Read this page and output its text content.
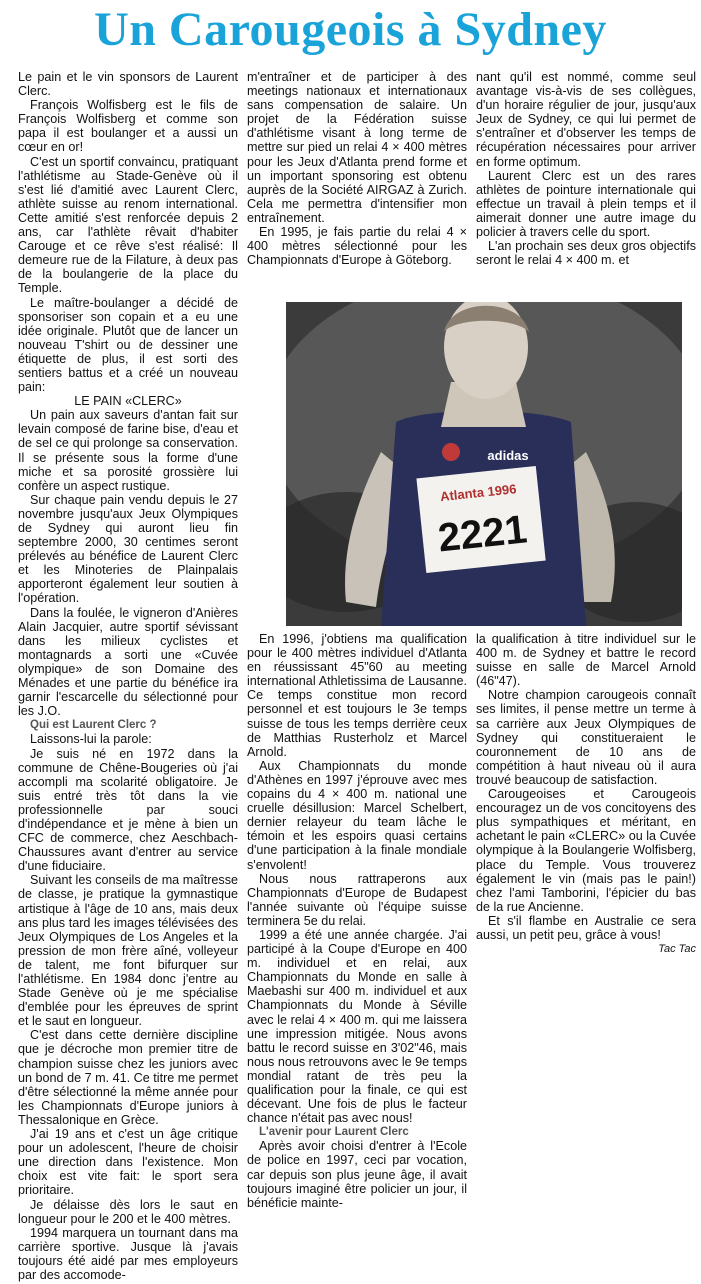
Un Carougeois à Sydney

Le pain et le vin sponsors de Laurent Clerc.

François Wolfisberg est le fils de François Wolfisberg et comme son papa il est boulanger et a aussi un cœur en or!

C'est un sportif convaincu, pratiquant l'athlétisme au Stade-Genève où il s'est lié d'amitié avec Laurent Clerc, athlète suisse au renom international. Cette amitié s'est renforcée depuis 2 ans, car l'athlète rêvait d'habiter Carouge et ce rêve s'est réalisé: Il demeure rue de la Filature, à deux pas de la boulangerie de la place du Temple.

Le maître-boulanger a décidé de sponsoriser son copain et a eu une idée originale. Plutôt que de lancer un nouveau T'shirt ou de dessiner une étiquette de plus, il est sorti des sentiers battus et a créé un nouveau pain:

LE PAIN «CLERC»

Un pain aux saveurs d'antan fait sur levain composé de farine bise, d'eau et de sel ce qui prolonge sa conservation. Il se présente sous la forme d'une miche et sa porosité grossière lui confère un aspect rustique.

Sur chaque pain vendu depuis le 27 novembre jusqu'aux Jeux Olympiques de Sydney qui auront lieu fin septembre 2000, 30 centimes seront prélevés au bénéfice de Laurent Clerc et les Minoteries de Plainpalais apporteront également leur soutien à l'opération.

Dans la foulée, le vigneron d'Anières Alain Jacquier, autre sportif sévissant dans les milieux cyclistes et montagnards a sorti une «Cuvée olympique» de son Domaine des Ménades et une partie du bénéfice ira garnir l'escarcelle du sélectionné pour les J.O.

Qui est Laurent Clerc ?

Laissons-lui la parole:

Je suis né en 1972 dans la commune de Chêne-Bougeries où j'ai accompli ma scolarité obligatoire. Je suis entré très tôt dans la vie professionnelle par souci d'indépendance et je mène à bien un CFC de commerce, chez Aeschbach-Chaussures avant d'entrer au service d'une fiduciaire.

Suivant les conseils de ma maîtresse de classe, je pratique la gymnastique artistique à l'âge de 10 ans, mais deux ans plus tard les images télévisées des Jeux Olympiques de Los Angeles et la pression de mon frère aîné, volleyeur de talent, me font bifurquer sur l'athlétisme. En 1984 donc j'entre au Stade Genève où je me spécialise d'emblée pour les épreuves de sprint et le saut en longueur.

C'est dans cette dernière discipline que je décroche mon premier titre de champion suisse chez les juniors avec un bond de 7 m. 41. Ce titre me permet d'être sélectionné la même année pour les Championnats d'Europe juniors à Thessalonique en Grèce.

J'ai 19 ans et c'est un âge critique pour un adolescent, l'heure de choisir une direction dans l'existence. Mon choix est vite fait: le sport sera prioritaire.

Je délaisse dès lors le saut en longueur pour le 200 et le 400 mètres.

1994 marquera un tournant dans ma carrière sportive. Jusque là j'avais toujours été aidé par mes employeurs par des accomode-

m'entraîner et de participer à des meetings nationaux et internationaux sans compensation de salaire. Un projet de la Fédération suisse d'athlétisme visant à long terme de mettre sur pied un relai 4 × 400 mètres pour les Jeux d'Atlanta prend forme et un important sponsoring est obtenu auprès de la Société AIRGAZ à Zurich. Cela me permettra d'intensifier mon entraînement.

En 1995, je fais partie du relai 4 × 400 mètres sélectionné pour les Championnats d'Europe à Göteborg.

nant qu'il est nommé, comme seul avantage vis-à-vis de ses collègues, d'un horaire régulier de jour, jusqu'aux Jeux de Sydney, ce qui lui permet de s'entraîner et d'observer les temps de récupération nécessaires pour arriver en forme optimum.

Laurent Clerc est un des rares athlètes de pointure internationale qui effectue un travail à plein temps et il aimerait donner une autre image du policier à travers celle du sport.

L'an prochain ses deux gros objectifs seront le relai 4 × 400 m. et

Atlanta 1996
2221
adidas

En 1996, j'obtiens ma qualification pour le 400 mètres individuel d'Atlanta en réussissant 45"60 au meeting international Athletissima de Lausanne. Ce temps constitue mon record personnel et est toujours le 3e temps suisse de tous les temps derrière ceux de Matthias Rusterholz et Marcel Arnold.

Aux Championnats du monde d'Athènes en 1997 j'éprouve avec mes copains du 4 × 400 m. national une cruelle désillusion: Marcel Schelbert, dernier relayeur du team lâche le témoin et les espoirs quasi certains d'une participation à la finale mondiale s'envolent!

Nous nous rattraperons aux Championnats d'Europe de Budapest l'année suivante où l'équipe suisse terminera 5e du relai.

1999 a été une année chargée. J'ai participé à la Coupe d'Europe en 400 m. individuel et en relai, aux Championnats du Monde en salle à Maebashi sur 400 m. individuel et aux Championnats du Monde à Séville avec le relai 4 × 400 m. qui me laissera une impression mitigée. Nous avons battu le record suisse en 3'02"46, mais nous nous retrouvons avec le 9e temps mondial ratant de très peu la qualification pour la finale, ce qui est décevant. Une fois de plus le facteur chance n'était pas avec nous!

L'avenir pour Laurent Clerc

Après avoir choisi d'entrer à l'Ecole de police en 1997, ceci par vocation, car depuis son plus jeune âge, il avait toujours imaginé être policier un jour, il bénéficie mainte-

la qualification à titre individuel sur le 400 m. de Sydney et battre le record suisse en salle de Marcel Arnold (46"47).

Notre champion carougeois connaît ses limites, il pense mettre un terme à sa carrière aux Jeux Olympiques de Sydney qui constitueraient le couronnement de 10 ans de compétition à haut niveau où il aura trouvé beaucoup de satisfaction.

Carougeoises et Carougeois encouragez un de vos concitoyens des plus sympathiques et méritant, en achetant le pain «CLERC» ou la Cuvée olympique à la Boulangerie Wolfisberg, place du Temple. Vous trouverez également le vin (mais pas le pain!) chez l'ami Tamborini, l'épicier du bas de la rue Ancienne.

Et s'il flambe en Australie ce sera aussi, un petit peu, grâce à vous!

Tac Tac
